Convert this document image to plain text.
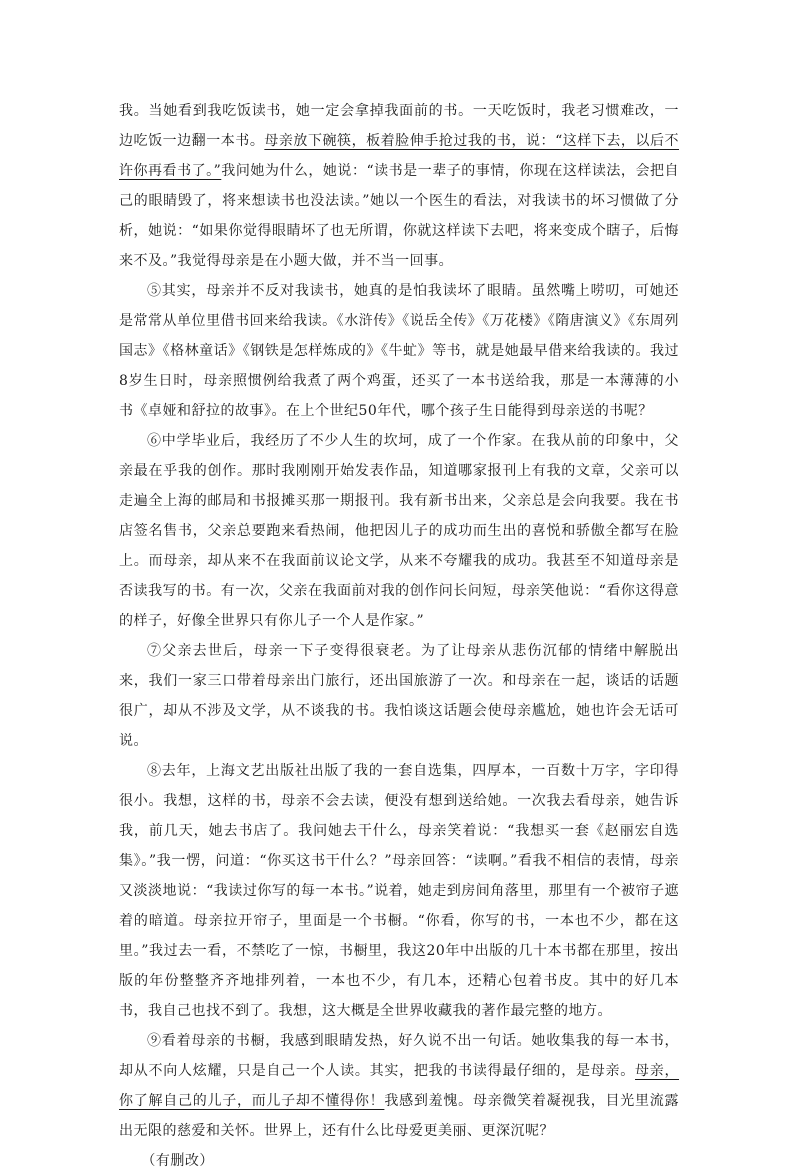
我。当她看到我吃饭读书，她一定会拿掉我面前的书。一天吃饭时，我老习惯难改，一边吃饭一边翻一本书。母亲放下碗筷，板着脸伸手抢过我的书，说：“这样下去，以后不许你再看书了。”我问她为什么，她说：“读书是一辈子的事情，你现在这样读法，会把自己的眼睛毁了，将来想读书也没法读。”她以一个医生的看法，对我读书的坏习惯做了分析，她说：“如果你觉得眼睛坏了也无所谓，你就这样读下去吧，将来变成个瞎子，后悔来不及。”我觉得母亲是在小题大做，并不当一回事。

⑤其实，母亲并不反对我读书，她真的是怕我读坏了眼睛。虽然嘴上唠叨，可她还是常常从单位里借书回来给我读。《水浒传》《说岳全传》《万花楼》《隋唐演义》《东周列国志》《格林童话》《钢铁是怎样炼成的》《牛虻》等书，就是她最早借来给我读的。我过8岁生日时，母亲照惯例给我煮了两个鸡蛋，还买了一本书送给我，那是一本薄薄的小书《卓娅和舒拉的故事》。在上个世纪50年代，哪个孩子生日能得到母亲送的书呢？

⑥中学毕业后，我经历了不少人生的坎坷，成了一个作家。在我从前的印象中，父亲最在乎我的创作。那时我刚刚开始发表作品，知道哪家报刊上有我的文章，父亲可以走遍全上海的邮局和书报摊买那一期报刊。我有新书出来，父亲总是会向我要。我在书店签名售书，父亲总要跑来看热闹，他把因儿子的成功而生出的喜悦和骄傲全都写在脸上。而母亲，却从来不在我面前议论文学，从来不夸耀我的成功。我甚至不知道母亲是否读我写的书。有一次，父亲在我面前对我的创作问长问短，母亲笑他说：“看你这得意的样子，好像全世界只有你儿子一个人是作家。”

⑦父亲去世后，母亲一下子变得很衰老。为了让母亲从悲伤沉郁的情绪中解脱出来，我们一家三口带着母亲出门旅行，还出国旅游了一次。和母亲在一起，谈话的话题很广，却从不涉及文学，从不谈我的书。我怕谈这话题会使母亲尴尬，她也许会无话可说。

⑧去年，上海文艺出版社出版了我的一套自选集，四厚本，一百数十万字，字印得很小。我想，这样的书，母亲不会去读，便没有想到送给她。一次我去看母亲，她告诉我，前几天，她去书店了。我问她去干什么，母亲笑着说：“我想买一套《赵丽宏自选集》。”我一愣，问道：“你买这书干什么？”母亲回答：“读啊。”看我不相信的表情，母亲又淡淡地说：“我读过你写的每一本书。”说着，她走到房间角落里，那里有一个被帘子遮着的暗道。母亲拉开帘子，里面是一个书橱。“你看，你写的书，一本也不少，都在这里。”我过去一看，不禁吃了一惊，书橱里，我这20年中出版的几十本书都在那里，按出版的年份整整齐齐地排列着，一本也不少，有几本，还精心包着书皮。其中的好几本书，我自己也找不到了。我想，这大概是全世界收藏我的著作最完整的地方。

⑨看着母亲的书橱，我感到眼睛发热，好久说不出一句话。她收集我的每一本书，却从不向人炫耀，只是自己一个人读。其实，把我的书读得最仔细的，是母亲。母亲，你了解自己的儿子，而儿子却不懂得你！我感到羞愧。母亲微笑着凝视我，目光里流露出无限的慈爱和关怀。世界上，还有什么比母爱更美丽、更深沉呢？

（有删改）
